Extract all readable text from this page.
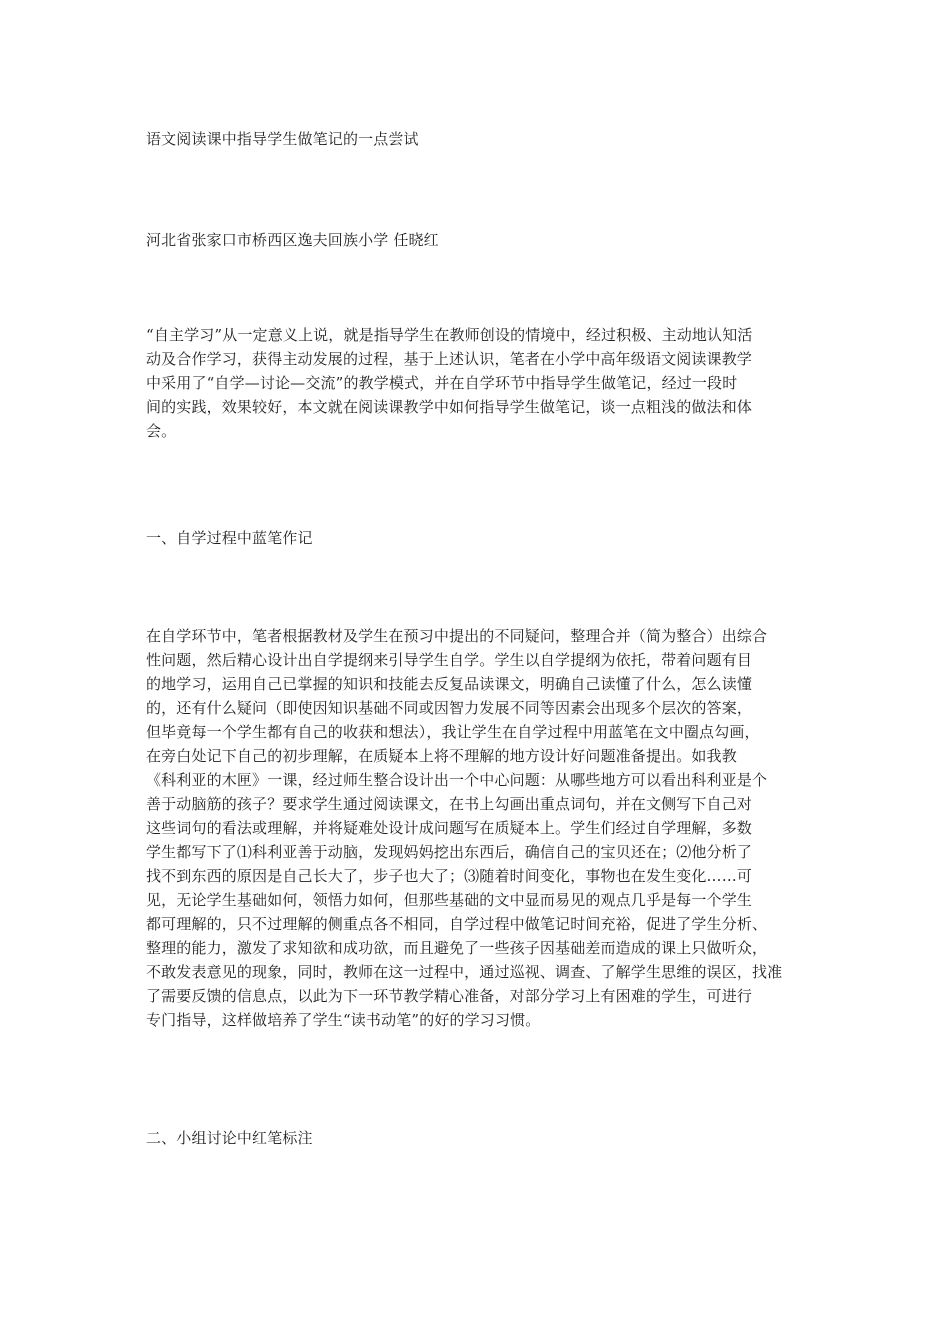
语文阅读课中指导学生做笔记的一点尝试
河北省张家口市桥西区逸夫回族小学 任晓红
“自主学习”从一定意义上说，就是指导学生在教师创设的情境中，经过积极、主动地认知活
动及合作学习，获得主动发展的过程，基于上述认识，笔者在小学中高年级语文阅读课教学
中采用了“自学—讨论—交流”的教学模式，并在自学环节中指导学生做笔记，经过一段时
间的实践，效果较好，本文就在阅读课教学中如何指导学生做笔记，谈一点粗浅的做法和体
会。
一、自学过程中蓝笔作记
在自学环节中，笔者根据教材及学生在预习中提出的不同疑问，整理合并（简为整合）出综合
性问题，然后精心设计出自学提纲来引导学生自学。学生以自学提纲为依托，带着问题有目
的地学习，运用自己已掌握的知识和技能去反复品读课文，明确自己读懂了什么，怎么读懂
的，还有什么疑问（即使因知识基础不同或因智力发展不同等因素会出现多个层次的答案，
但毕竟每一个学生都有自己的收获和想法），我让学生在自学过程中用蓝笔在文中圈点勾画，
在旁白处记下自己的初步理解，在质疑本上将不理解的地方设计好问题准备提出。如我教
《科利亚的木匣》一课，经过师生整合设计出一个中心问题：从哪些地方可以看出科利亚是个
善于动脑筋的孩子？要求学生通过阅读课文，在书上勾画出重点词句，并在文侧写下自己对
这些词句的看法或理解，并将疑难处设计成问题写在质疑本上。学生们经过自学理解，多数
学生都写下了⑴科利亚善于动脑，发现妈妈挖出东西后，确信自己的宝贝还在；⑵他分析了
找不到东西的原因是自己长大了，步子也大了；⑶随着时间变化，事物也在发生变化……可
见，无论学生基础如何，领悟力如何，但那些基础的文中显而易见的观点几乎是每一个学生
都可理解的，只不过理解的侧重点各不相同，自学过程中做笔记时间充裕，促进了学生分析、
整理的能力，激发了求知欲和成功欲，而且避免了一些孩子因基础差而造成的课上只做听众，
不敢发表意见的现象，同时，教师在这一过程中，通过巡视、调查、了解学生思维的误区，找准
了需要反馈的信息点，以此为下一环节教学精心准备，对部分学习上有困难的学生，可进行
专门指导，这样做培养了学生“读书动笔”的好的学习习惯。
二、小组讨论中红笔标注
